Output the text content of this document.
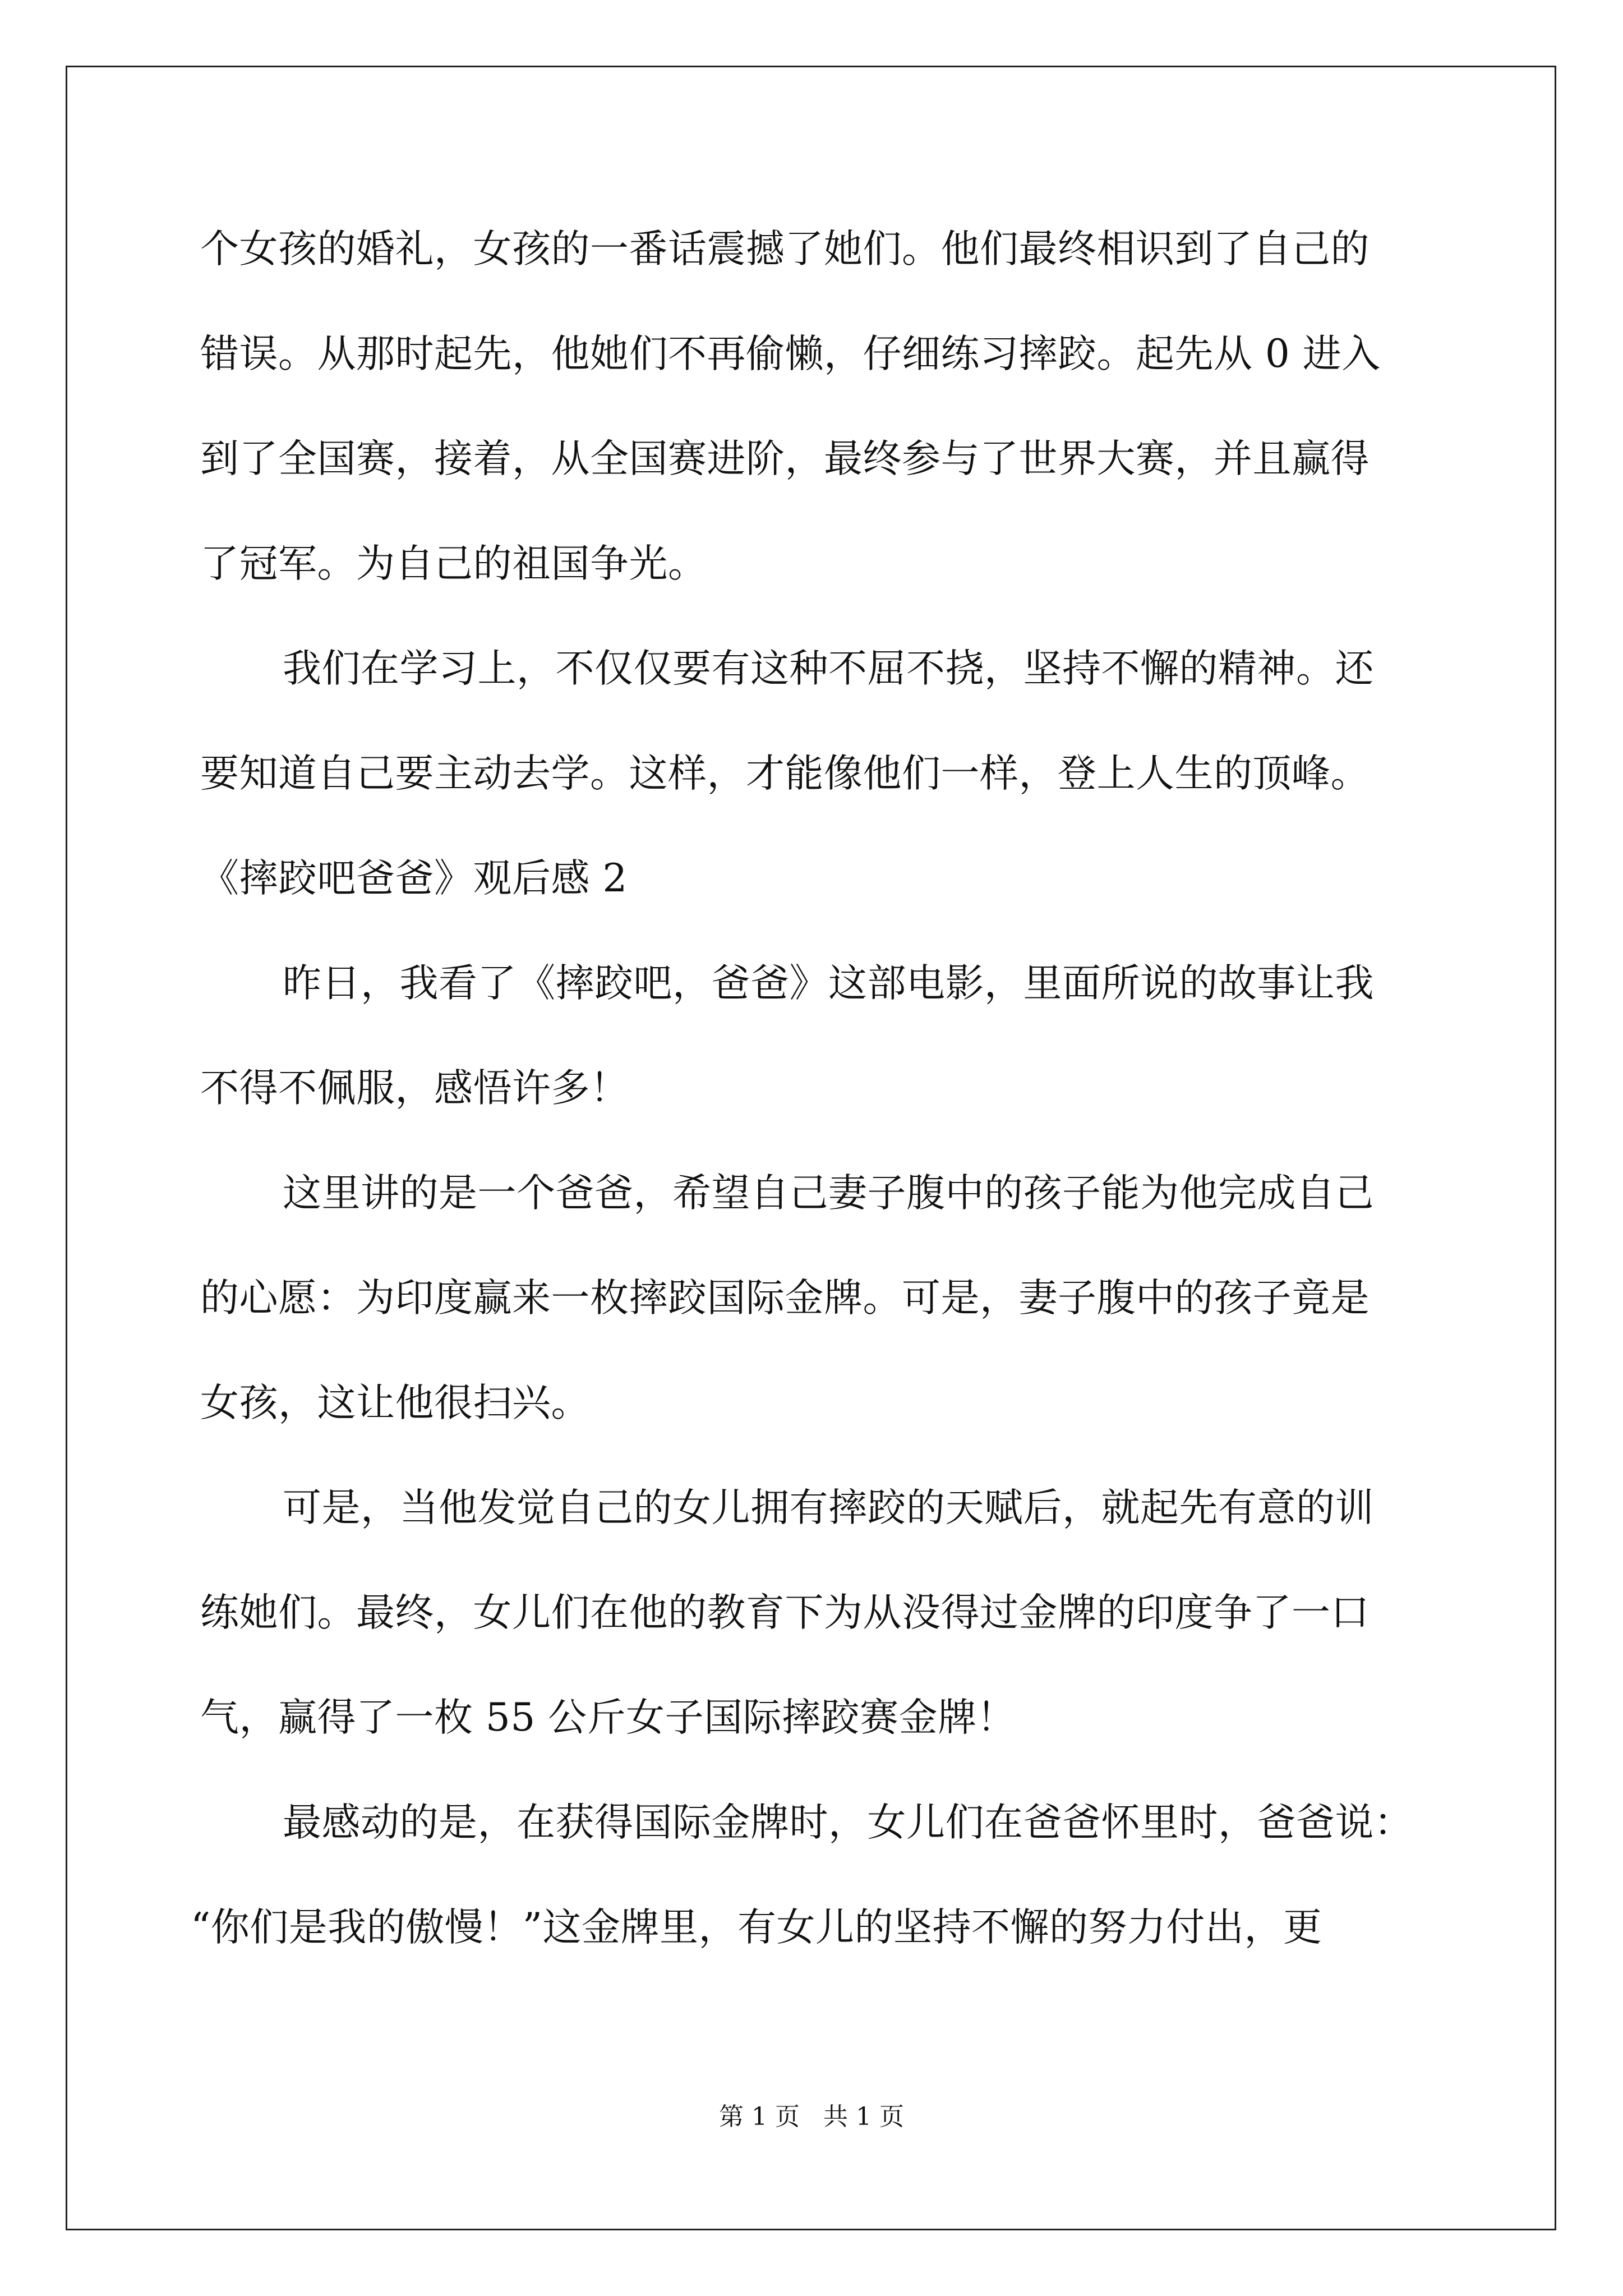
个女孩的婚礼，女孩的一番话震撼了她们。他们最终相识到了自己的
错误。从那时起先，他她们不再偷懒，仔细练习摔跤。起先从 0 进入
到了全国赛，接着，从全国赛进阶，最终参与了世界大赛，并且赢得
了冠军。为自己的祖国争光。
我们在学习上，不仅仅要有这种不屈不挠，坚持不懈的精神。还
要知道自己要主动去学。这样，才能像他们一样，登上人生的顶峰。
《摔跤吧爸爸》观后感 2
昨日，我看了《摔跤吧，爸爸》这部电影，里面所说的故事让我
不得不佩服，感悟许多！
这里讲的是一个爸爸，希望自己妻子腹中的孩子能为他完成自己
的心愿：为印度赢来一枚摔跤国际金牌。可是，妻子腹中的孩子竟是
女孩，这让他很扫兴。
可是，当他发觉自己的女儿拥有摔跤的天赋后，就起先有意的训
练她们。最终，女儿们在他的教育下为从没得过金牌的印度争了一口
气，赢得了一枚 55 公斤女子国际摔跤赛金牌！
最感动的是，在获得国际金牌时，女儿们在爸爸怀里时，爸爸说：
“你们是我的傲慢！”这金牌里，有女儿的坚持不懈的努力付出，更
第 1 页 共 1 页
